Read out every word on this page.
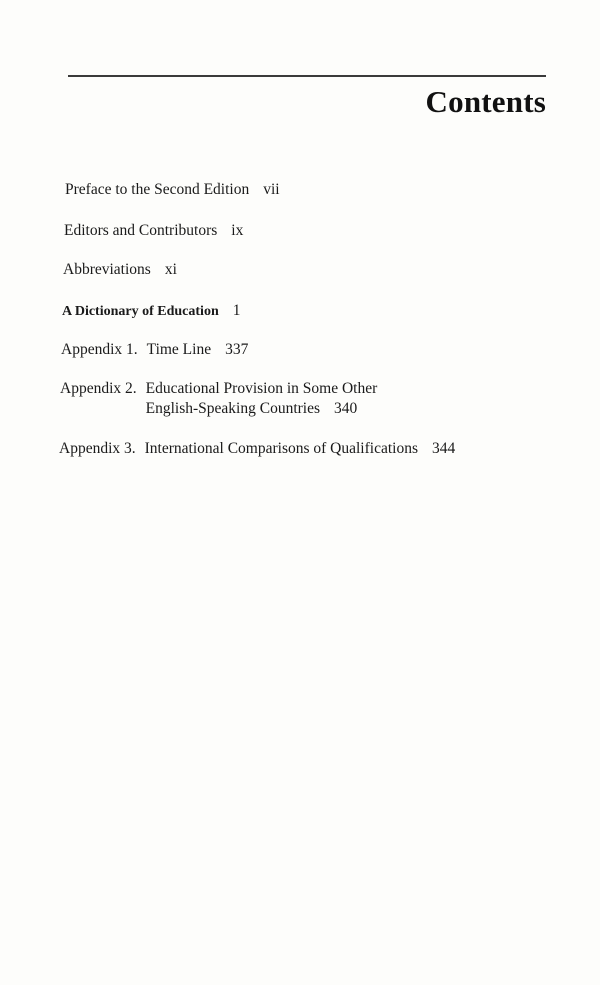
Contents
Preface to the Second Edition vii
Editors and Contributors ix
Abbreviations xi
A Dictionary of Education 1
Appendix 1. Time Line 337
Appendix 2. Educational Provision in Some Other
English-Speaking Countries 340
Appendix 3. International Comparisons of Qualifications 344
